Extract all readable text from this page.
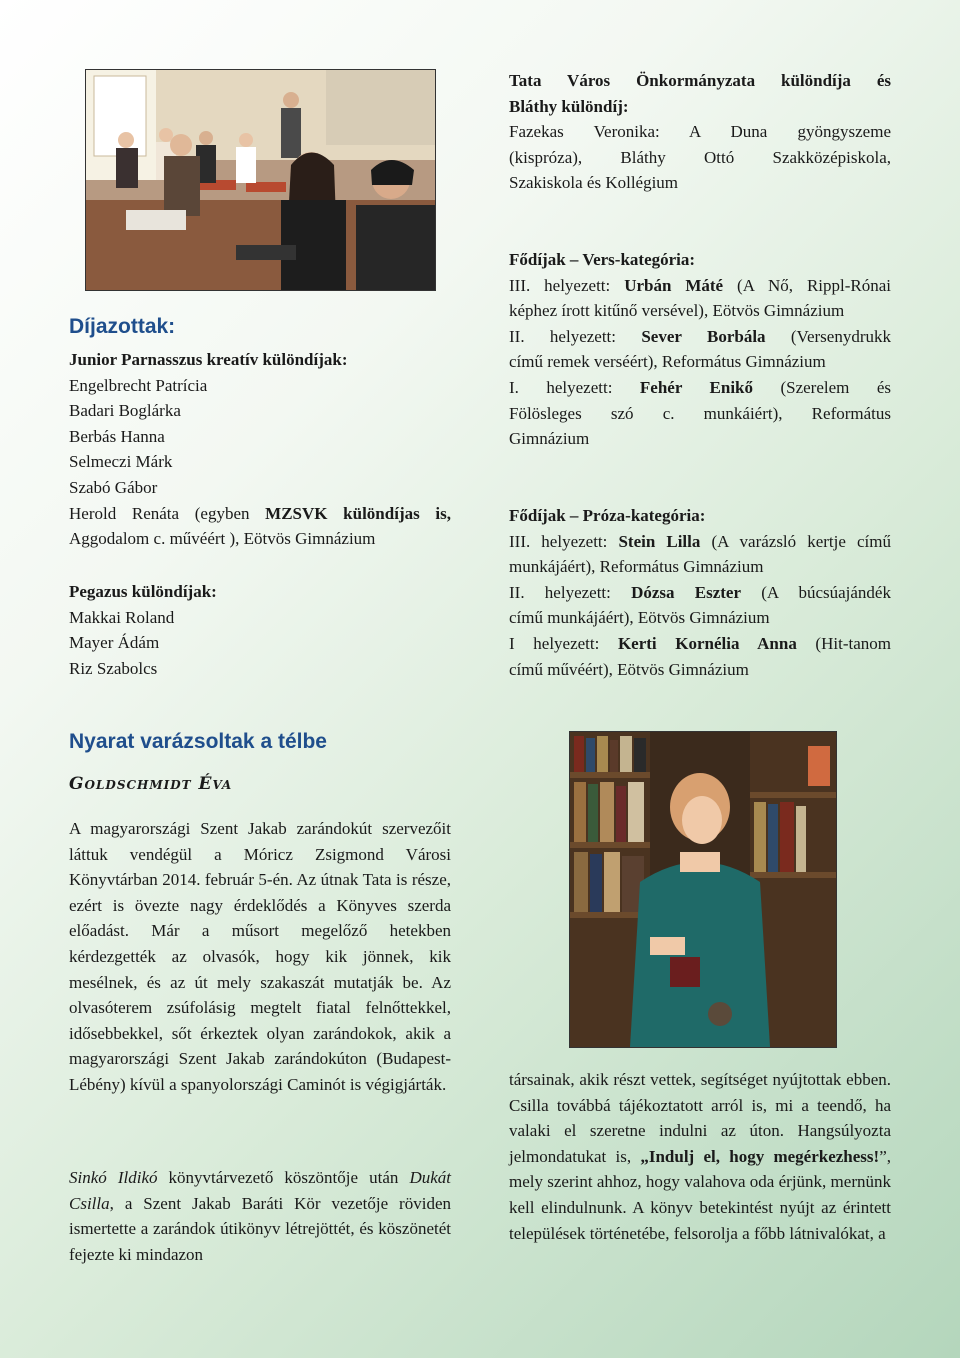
Díjazottak:
Junior Parnasszus kreatív különdíjak:
Engelbrecht Patrícia
Badari Boglárka
Berbás Hanna
Selmeczi Márk
Szabó Gábor
Herold Renáta (egyben MZSVK különdíjas is,
Aggodalom c. művéért ), Eötvös Gimnázium
Pegazus különdíjak:
Makkai Roland
Mayer Ádám
Riz Szabolcs
Tata Város Önkormányzata különdíja és
Bláthy különdíj:
Fazekas Veronika: A Duna gyöngyszeme
(kispróza), Bláthy Ottó Szakközépiskola,
Szakiskola és Kollégium
Fődíjak – Vers-kategória:
III. helyezett: Urbán Máté (A Nő, Rippl-Rónai
képhez írott kitűnő versével), Eötvös Gimnázium
II. helyezett: Sever Borbála (Versenydrukk
című remek verséért), Református Gimnázium
I. helyezett: Fehér Enikő (Szerelem és
Fölösleges szó c. munkáiért), Református
Gimnázium
Fődíjak – Próza-kategória:
III. helyezett: Stein Lilla (A varázsló kertje című
munkájáért), Református Gimnázium
II. helyezett: Dózsa Eszter (A búcsúajándék
című munkájáért), Eötvös Gimnázium
I helyezett: Kerti Kornélia Anna (Hit-tanom
című művéért), Eötvös Gimnázium
Nyarat varázsoltak a télbe
Goldschmidt Éva
A magyarországi Szent Jakab zarándokút szervezőit láttuk vendégül a Móricz Zsigmond Városi Könyvtárban 2014. február 5-én. Az útnak Tata is része, ezért is övezte nagy érdeklődés a Könyves szerda előadást. Már a műsort megelőző hetekben kérdezgették az olvasók, hogy kik jönnek, kik mesélnek, és az út mely szakaszát mutatják be. Az olvasóterem zsúfolásig megtelt fiatal felnőttekkel, idősebbekkel, sőt érkeztek olyan zarándokok, akik a magyarországi Szent Jakab zarándokúton (Budapest-Lébény) kívül a spanyolországi Caminót is végigjárták.
Sinkó Ildikó könyvtárvezető köszöntője után Dukát Csilla, a Szent Jakab Baráti Kör vezetője röviden ismertette a zarándok útikönyv létrejöttét, és köszönetét fejezte ki mindazon
társainak, akik részt vettek, segítséget nyújtottak ebben. Csilla továbbá tájékoztatott arról is, mi a teendő, ha valaki el szeretne indulni az úton. Hangsúlyozta jelmondatukat is, „Indulj el, hogy megérkezhess!”, mely szerint ahhoz, hogy valahova oda érjünk, mernünk kell elindulnunk. A könyv betekintést nyújt az érintett települések történetébe, felsorolja a főbb látnivalókat, a
